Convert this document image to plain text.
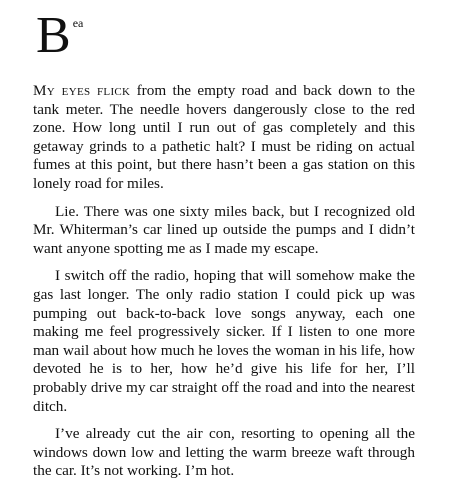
B ea

My eyes flick from the empty road and back down to the tank meter. The needle hovers dangerously close to the red zone. How long until I run out of gas completely and this getaway grinds to a pathetic halt? I must be riding on actual fumes at this point, but there hasn’t been a gas station on this lonely road for miles.

Lie. There was one sixty miles back, but I recognized old Mr. Whiterman’s car lined up outside the pumps and I didn’t want anyone spotting me as I made my escape.

I switch off the radio, hoping that will somehow make the gas last longer. The only radio station I could pick up was pumping out back-to-back love songs anyway, each one making me feel progressively sicker. If I listen to one more man wail about how much he loves the woman in his life, how devoted he is to her, how he’d give his life for her, I’ll probably drive my car straight off the road and into the nearest ditch.

I’ve already cut the air con, resorting to opening all the windows down low and letting the warm breeze waft through the car. It’s not working. I’m hot.
